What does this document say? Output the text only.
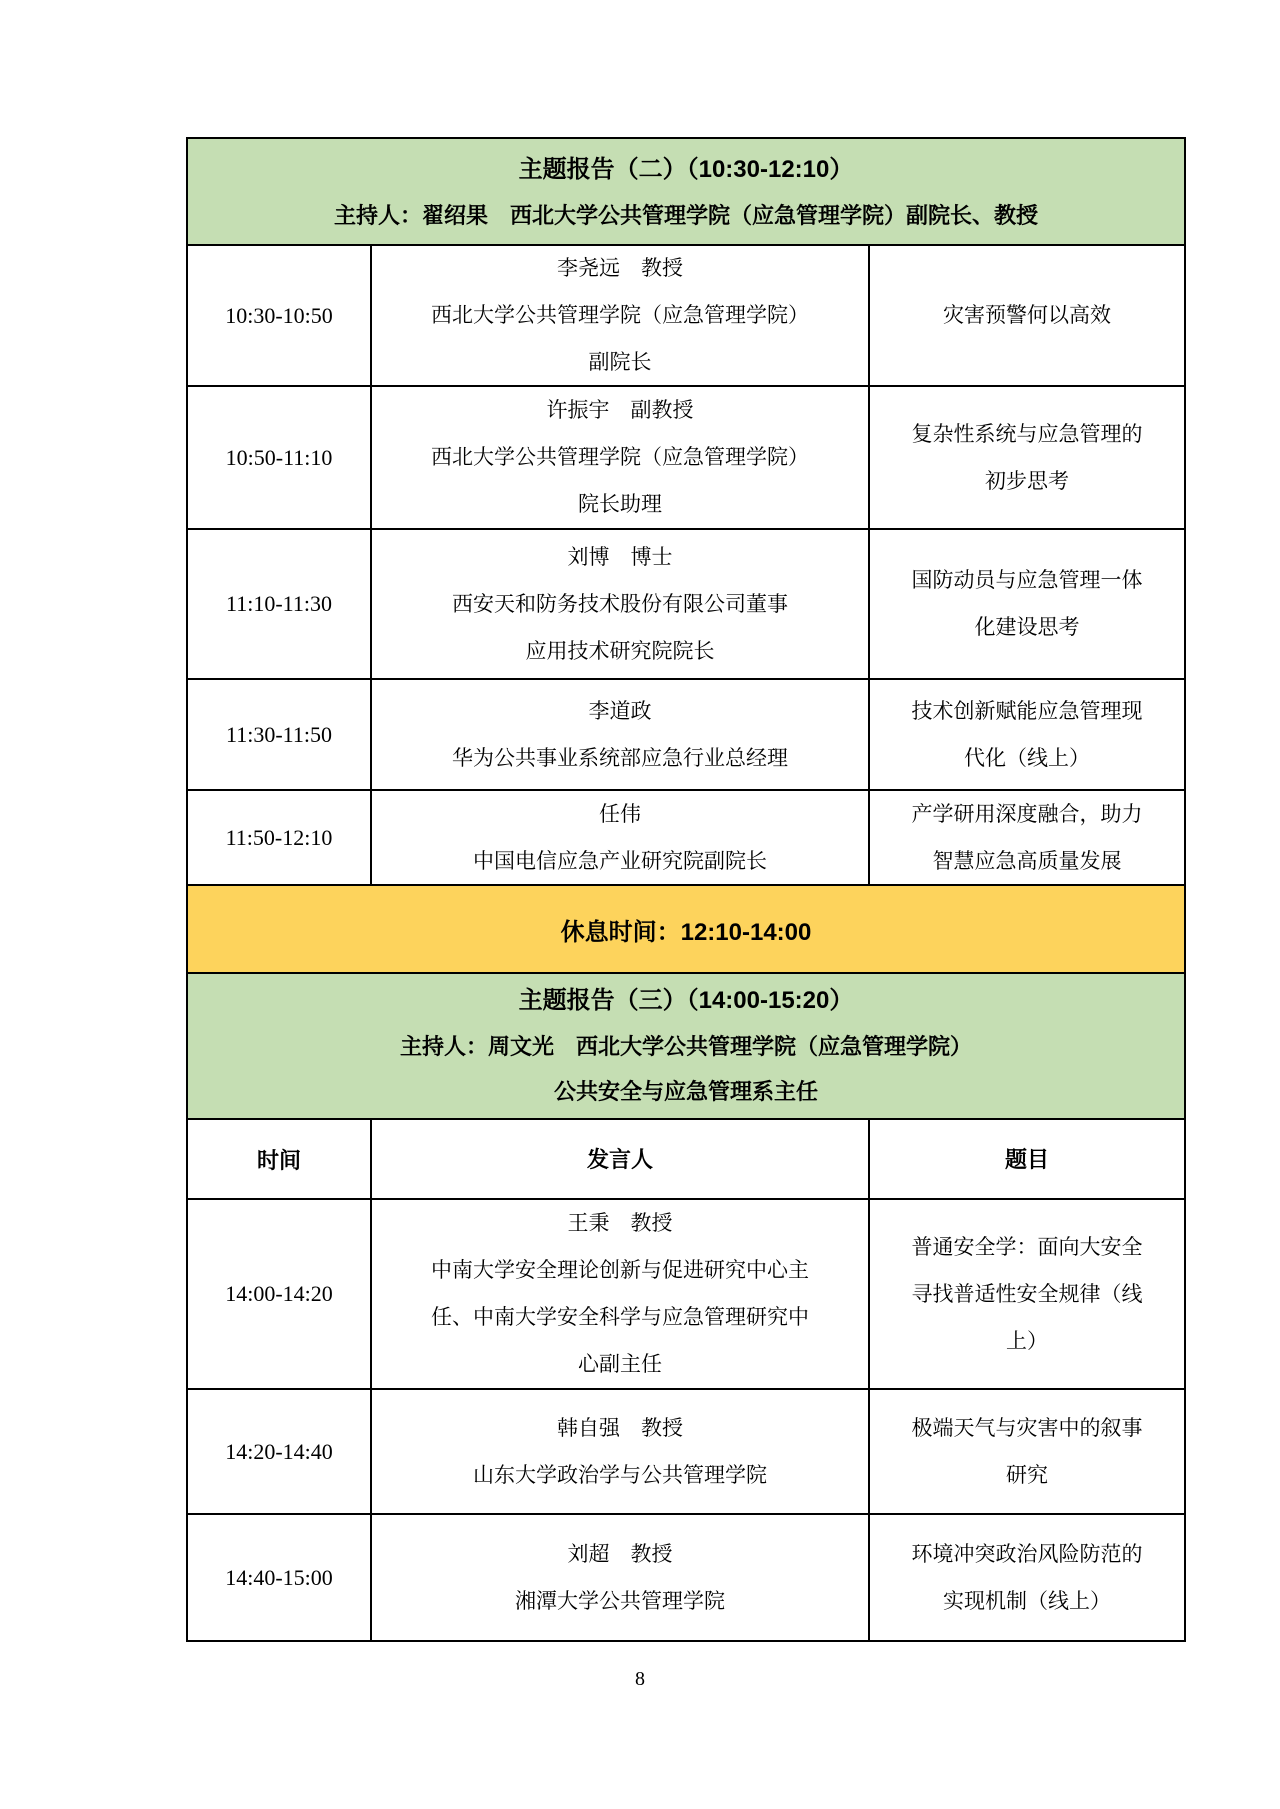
主题报告（二）（10:30-12:10）
主持人：翟绍果　西北大学公共管理学院（应急管理学院）副院长、教授
10:30-10:50
李尧远　教授
西北大学公共管理学院（应急管理学院）
副院长
灾害预警何以高效
10:50-11:10
许振宇　副教授
西北大学公共管理学院（应急管理学院）
院长助理
复杂性系统与应急管理的
初步思考
11:10-11:30
刘博　博士
西安天和防务技术股份有限公司董事
应用技术研究院院长
国防动员与应急管理一体
化建设思考
11:30-11:50
李道政
华为公共事业系统部应急行业总经理
技术创新赋能应急管理现
代化（线上）
11:50-12:10
任伟
中国电信应急产业研究院副院长
产学研用深度融合，助力
智慧应急高质量发展
休息时间：12:10-14:00
主题报告（三）（14:00-15:20）
主持人：周文光　西北大学公共管理学院（应急管理学院）
公共安全与应急管理系主任
时间	发言人	题目
14:00-14:20
王秉　教授
中南大学安全理论创新与促进研究中心主
任、中南大学安全科学与应急管理研究中
心副主任
普通安全学：面向大安全
寻找普适性安全规律（线
上）
14:20-14:40
韩自强　教授
山东大学政治学与公共管理学院
极端天气与灾害中的叙事
研究
14:40-15:00
刘超　教授
湘潭大学公共管理学院
环境冲突政治风险防范的
实现机制（线上）
8
